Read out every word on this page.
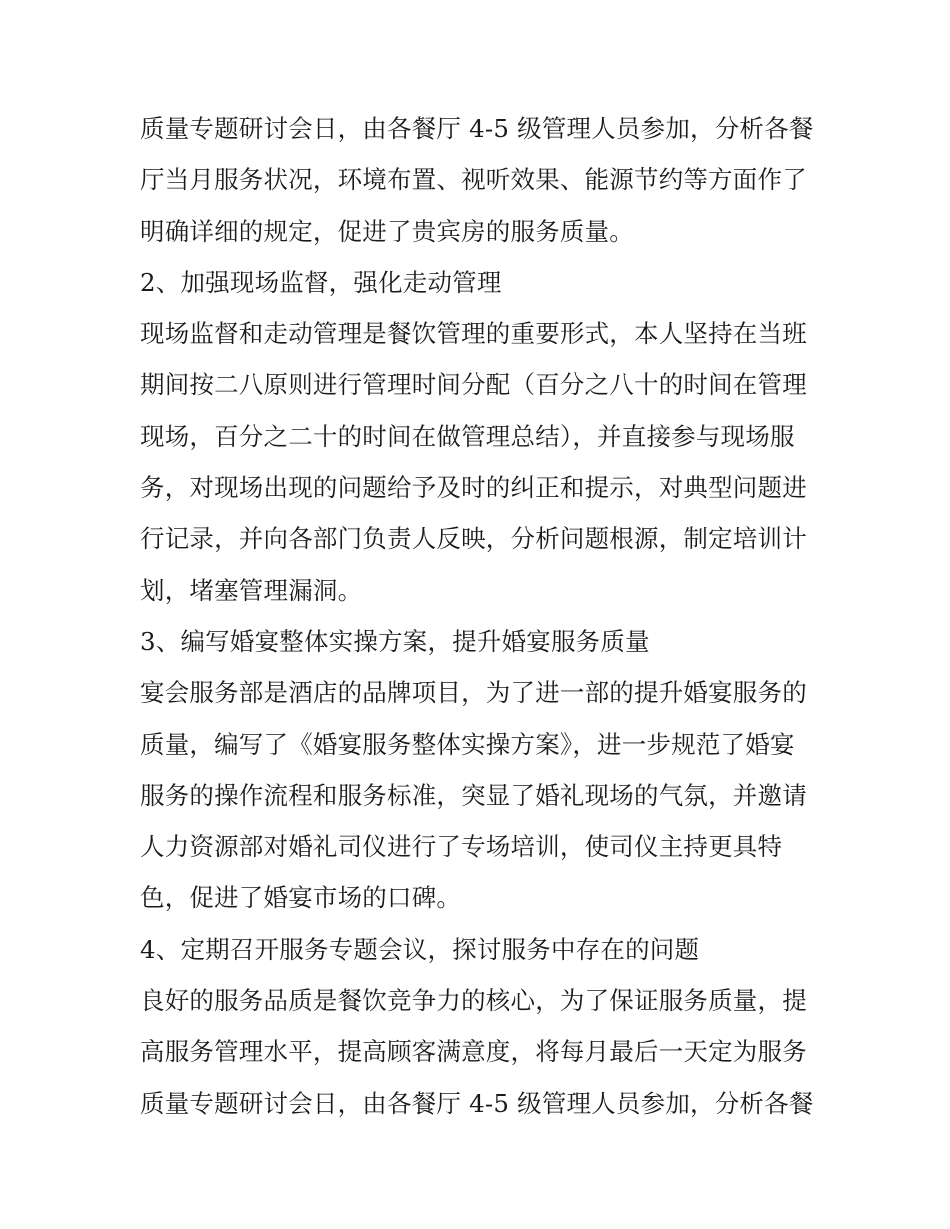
质量专题研讨会日，由各餐厅 4-5 级管理人员参加，分析各餐
厅当月服务状况，环境布置、视听效果、能源节约等方面作了
明确详细的规定，促进了贵宾房的服务质量。
2、加强现场监督，强化走动管理
现场监督和走动管理是餐饮管理的重要形式，本人坚持在当班
期间按二八原则进行管理时间分配（百分之八十的时间在管理
现场，百分之二十的时间在做管理总结），并直接参与现场服
务，对现场出现的问题给予及时的纠正和提示，对典型问题进
行记录，并向各部门负责人反映，分析问题根源，制定培训计
划，堵塞管理漏洞。
3、编写婚宴整体实操方案，提升婚宴服务质量
宴会服务部是酒店的品牌项目，为了进一部的提升婚宴服务的
质量，编写了《婚宴服务整体实操方案》，进一步规范了婚宴
服务的操作流程和服务标准，突显了婚礼现场的气氛，并邀请
人力资源部对婚礼司仪进行了专场培训，使司仪主持更具特
色，促进了婚宴市场的口碑。
4、定期召开服务专题会议，探讨服务中存在的问题
良好的服务品质是餐饮竞争力的核心，为了保证服务质量，提
高服务管理水平，提高顾客满意度，将每月最后一天定为服务
质量专题研讨会日，由各餐厅 4-5 级管理人员参加，分析各餐
